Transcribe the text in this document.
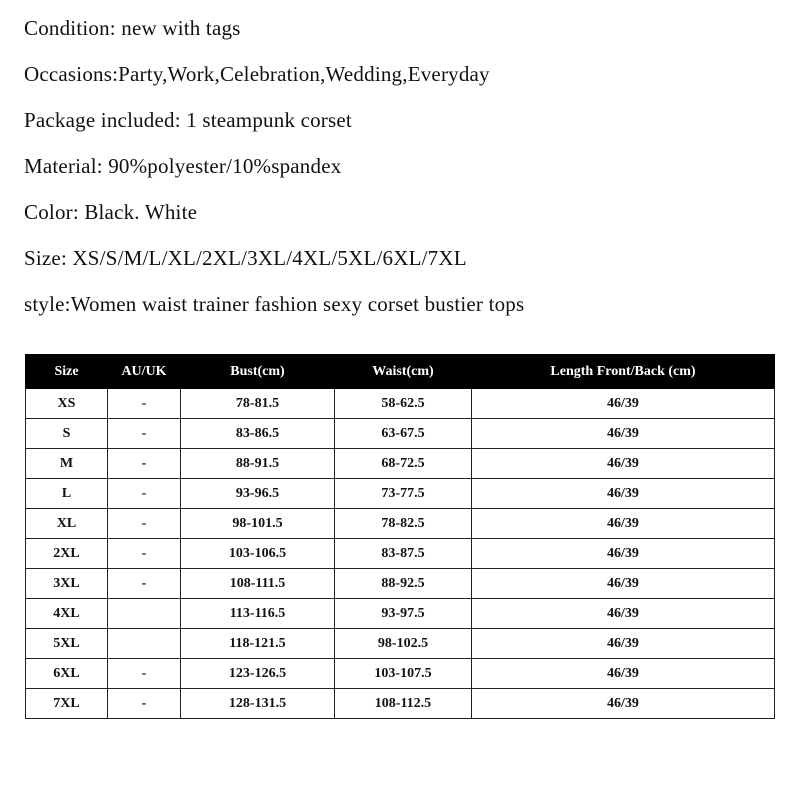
Condition: new with tags
Occasions:Party,Work,Celebration,Wedding,Everyday
Package included: 1 steampunk corset
Material: 90%polyester/10%spandex
Color: Black. White
Size: XS/S/M/L/XL/2XL/3XL/4XL/5XL/6XL/7XL
style:Women waist trainer fashion sexy corset bustier tops
Size	AU/UK	Bust(cm)	Waist(cm)	Length Front/Back (cm)
XS	-	78-81.5	58-62.5	46/39
S	-	83-86.5	63-67.5	46/39
M	-	88-91.5	68-72.5	46/39
L	-	93-96.5	73-77.5	46/39
XL	-	98-101.5	78-82.5	46/39
2XL	-	103-106.5	83-87.5	46/39
3XL	-	108-111.5	88-92.5	46/39
4XL		113-116.5	93-97.5	46/39
5XL		118-121.5	98-102.5	46/39
6XL	-	123-126.5	103-107.5	46/39
7XL	-	128-131.5	108-112.5	46/39
